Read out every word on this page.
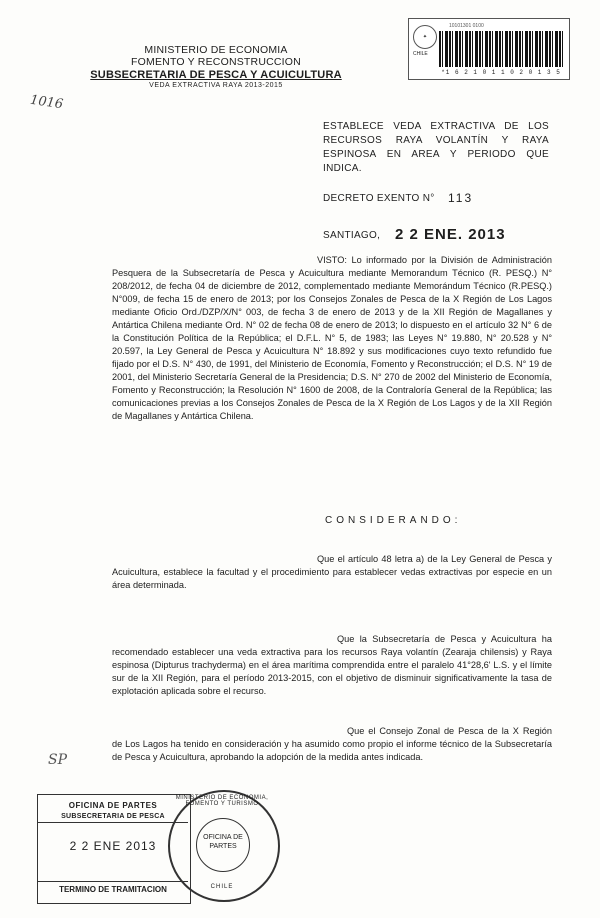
MINISTERIO DE ECONOMIA
FOMENTO Y RECONSTRUCCION
SUBSECRETARIA DE PESCA Y ACUICULTURA
VEDA EXTRACTIVA RAYA 2013-2015
1016
✦
CHILE
10101301 0100
*1 6 2 1 0 1 1 0 2 0 1 3 5
ESTABLECE VEDA EXTRACTIVA DE LOS RECURSOS RAYA VOLANTÍN Y RAYA ESPINOSA EN AREA Y PERIODO QUE INDICA.
DECRETO EXENTO N° 113
SANTIAGO, 2 2 ENE. 2013
VISTO: Lo informado por la División de Administración Pesquera de la Subsecretaría de Pesca y Acuicultura mediante Memorandum Técnico (R. PESQ.) N° 208/2012, de fecha 04 de diciembre de 2012, complementado mediante Memorándum Técnico (R.PESQ.) N°009, de fecha 15 de enero de 2013; por los Consejos Zonales de Pesca de la X Región de Los Lagos mediante Oficio Ord./DZP/X/N° 003, de fecha 3 de enero de 2013 y de la XII Región de Magallanes y Antártica Chilena mediante Ord. N° 02 de fecha 08 de enero de 2013; lo dispuesto en el artículo 32 N° 6 de la Constitución Política de la República; el D.F.L. N° 5, de 1983; las Leyes N° 19.880, N° 20.528 y N° 20.597, la Ley General de Pesca y Acuicultura N° 18.892 y sus modificaciones cuyo texto refundido fue fijado por el D.S. N° 430, de 1991, del Ministerio de Economía, Fomento y Reconstrucción; el D.S. N° 19 de 2001, del Ministerio Secretaría General de la Presidencia; D.S. N° 270 de 2002 del Ministerio de Economía, Fomento y Reconstrucción; la Resolución N° 1600 de 2008, de la Contraloría General de la República; las comunicaciones previas a los Consejos Zonales de Pesca de la X Región de Los Lagos y de la XII Región de Magallanes y Antártica Chilena.
CONSIDERANDO:
Que el artículo 48 letra a) de la Ley General de Pesca y Acuicultura, establece la facultad y el procedimiento para establecer vedas extractivas por especie en un área determinada.
Que la Subsecretaría de Pesca y Acuicultura ha recomendado establecer una veda extractiva para los recursos Raya volantín (Zearaja chilensis) y Raya espinosa (Dipturus trachyderma) en el área marítima comprendida entre el paralelo 41°28,6' L.S. y el límite sur de la XII Región, para el período 2013-2015, con el objetivo de disminuir significativamente la tasa de explotación aplicada sobre el recurso.
Que el Consejo Zonal de Pesca de la X Región de Los Lagos ha tenido en consideración y ha asumido como propio el informe técnico de la Subsecretaría de Pesca y Acuicultura, aprobando la adopción de la medida antes indicada.
SP
OFICINA DE PARTES
SUBSECRETARIA DE PESCA
2 2 ENE 2013
TERMINO DE TRAMITACION
MINISTERIO DE ECONOMIA, FOMENTO Y TURISMO
OFICINA DE PARTES
CHILE
